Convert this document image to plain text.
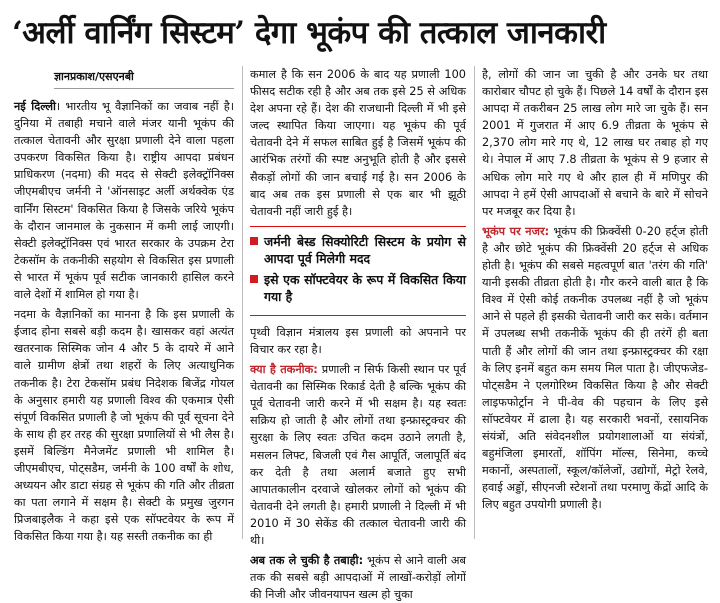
‘अर्ली वार्निंग सिस्टम’ देगा भूकंप की तत्काल जानकारी
ज्ञानप्रकाश/एसएनबी

नई दिल्ली। भारतीय भू वैज्ञानिकों का जवाब नहीं है। दुनिया में तबाही मचाने वाले मंजर यानी भूकंप की तत्काल चेतावनी और सुरक्षा प्रणाली देने वाला पहला उपकरण विकसित किया है। राष्ट्रीय आपदा प्रबंधन प्राधिकरण (नदमा) की मदद से सेक्टी इलेक्ट्रॉनिक्स जीएमबीएच जर्मनी ने 'ऑनसाइट अर्ली अर्थक्वेक एंड वार्निंग सिस्टम' विकसित किया है जिसके जरिये भूकंप के दौरान जानमाल के नुकसान में कमी लाई जाएगी। सेक्टी इलेक्ट्रॉनिक्स एवं भारत सरकार के उपक्रम टेरा टेकसॉम के तकनीकी सहयोग से विकसित इस प्रणाली से भारत में भूकंप पूर्व सटीक जानकारी हासिल करने वाले देशों में शामिल हो गया है।

नदमा के वैज्ञानिकों का मानना है कि इस प्रणाली के ईजाद होना सबसे बड़ी कदम है। खासकर वहां अत्यंत खतरनाक सिस्मिक जोन 4 और 5 के दायरे में आने वाले ग्रामीण क्षेत्रों तथा शहरों के लिए अत्याधुनिक तकनीक है। टेरा टेकसॉम प्रबंध निदेशक बिजेंद्र गोयल के अनुसार हमारी यह प्रणाली विश्व की एकमात्र ऐसी संपूर्ण विकसित प्रणाली है जो भूकंप की पूर्व सूचना देने के साथ ही हर तरह की सुरक्षा प्रणालियों से भी लैस है। इसमें बिल्डिंग मैनेजमेंट प्रणाली भी शामिल है। जीएमबीएच, पोट्सडैम, जर्मनी के 100 वर्षों के शोध, अध्ययन और डाटा संग्रह से भूकंप की गति और तीव्रता का पता लगाने में सक्षम है। सेक्टी के प्रमुख जुरगन प्रिजबाइलैक ने कहा इसे एक सॉफ्टवेयर के रूप में विकसित किया गया है। यह सस्ती तकनीक का ही

कमाल है कि सन 2006 के बाद यह प्रणाली 100 फीसद सटीक रही है और अब तक इसे 25 से अधिक देश अपना रहे हैं। देश की राजधानी दिल्ली में भी इसे जल्द स्थापित किया जाएगा। यह भूकंप की पूर्व चेतावनी देने में सफल साबित हुई है जिसमें भूकंप की आरंभिक तरंगों की स्पष्ट अनुभूति होती है और इससे सैकड़ों लोगों की जान बचाई गई है। सन 2006 के बाद अब तक इस प्रणाली से एक बार भी झूठी चेतावनी नहीं जारी हुई है।

जर्मनी बेस्ड सिक्योरिटी सिस्टम के प्रयोग से आपदा पूर्व मिलेगी मदद
इसे एक सॉफ्टवेयर के रूप में विकसित किया गया है

पृथ्वी विज्ञान मंत्रालय इस प्रणाली को अपनाने पर विचार कर रहा है।

क्या है तकनीक: प्रणाली न सिर्फ किसी स्थान पर पूर्व चेतावनी का सिस्मिक रिकार्ड देती है बल्कि भूकंप की पूर्व चेतावनी जारी करने में भी सक्षम है। यह स्वतः सक्रिय हो जाती है और लोगों तथा इन्फ्रास्ट्रक्चर की सुरक्षा के लिए स्वतः उचित कदम उठाने लगती है, मसलन लिफ्ट, बिजली एवं गैस आपूर्ति, जलापूर्ति बंद कर देती है तथा अलार्म बजाते हुए सभी आपातकालीन दरवाजे खोलकर लोगों को भूकंप की चेतावनी देने लगती है। हमारी प्रणाली ने दिल्ली में भी 2010 में 30 सेकेंड की तत्काल चेतावनी जारी की थी।

अब तक ले चुकी है तबाही: भूकंप से आने वाली अब तक की सबसे बड़ी आपदाओं में लाखों-करोड़ों लोगों की निजी और जीवनयापन खत्म हो चुका

है, लोगों की जान जा चुकी है और उनके घर तथा कारोबार चौपट हो चुके हैं। पिछले 14 वर्षों के दौरान इस आपदा में तकरीबन 25 लाख लोग मारे जा चुके हैं। सन 2001 में गुजरात में आए 6.9 तीव्रता के भूकंप से 2,370 लोग मारे गए थे, 12 लाख घर तबाह हो गए थे। नेपाल में आए 7.8 तीव्रता के भूकंप से 9 हजार से अधिक लोग मारे गए थे और हाल ही में मणिपुर की आपदा ने हमें ऐसी आपदाओं से बचाने के बारे में सोचने पर मजबूर कर दिया है।

भूकंप पर नजर: भूकंप की फ्रिक्वेंसी 0-20 हर्ट्ज होती है और छोटे भूकंप की फ्रिक्वेंसी 20 हर्ट्ज से अधिक होती है। भूकंप की सबसे महत्वपूर्ण बात 'तरंग की गति' यानी इसकी तीव्रता होती है। गौर करने वाली बात है कि विश्व में ऐसी कोई तकनीक उपलब्ध नहीं है जो भूकंप आने से पहले ही इसकी चेतावनी जारी कर सके। वर्तमान में उपलब्ध सभी तकनीकें भूकंप की ही तरंगें ही बता पाती हैं और लोगों की जान तथा इन्फ्रास्ट्रक्चर की रक्षा के लिए इनमें बहुत कम समय मिल पाता है। जीएफजेड-पोट्सडैम ने एलगोरिथ्म विकसित किया है और सेक्टी लाइफफोर्ट्रान ने पी-वेव की पहचान के लिए इसे सॉफ्टवेयर में ढाला है। यह सरकारी भवनों, रसायनिक संयंत्रों, अति संवेदनशील प्रयोगशालाओं या संयंत्रों, बहुमंजिला इमारतों, शॉपिंग मॉल्स, सिनेमा, कच्चे मकानों, अस्पतालों, स्कूल/कॉलेजों, उद्योगों, मेट्रो रेलवे, हवाई अड्डों, सीएनजी स्टेशनों तथा परमाणु केंद्रों आदि के लिए बहुत उपयोगी प्रणाली है।
